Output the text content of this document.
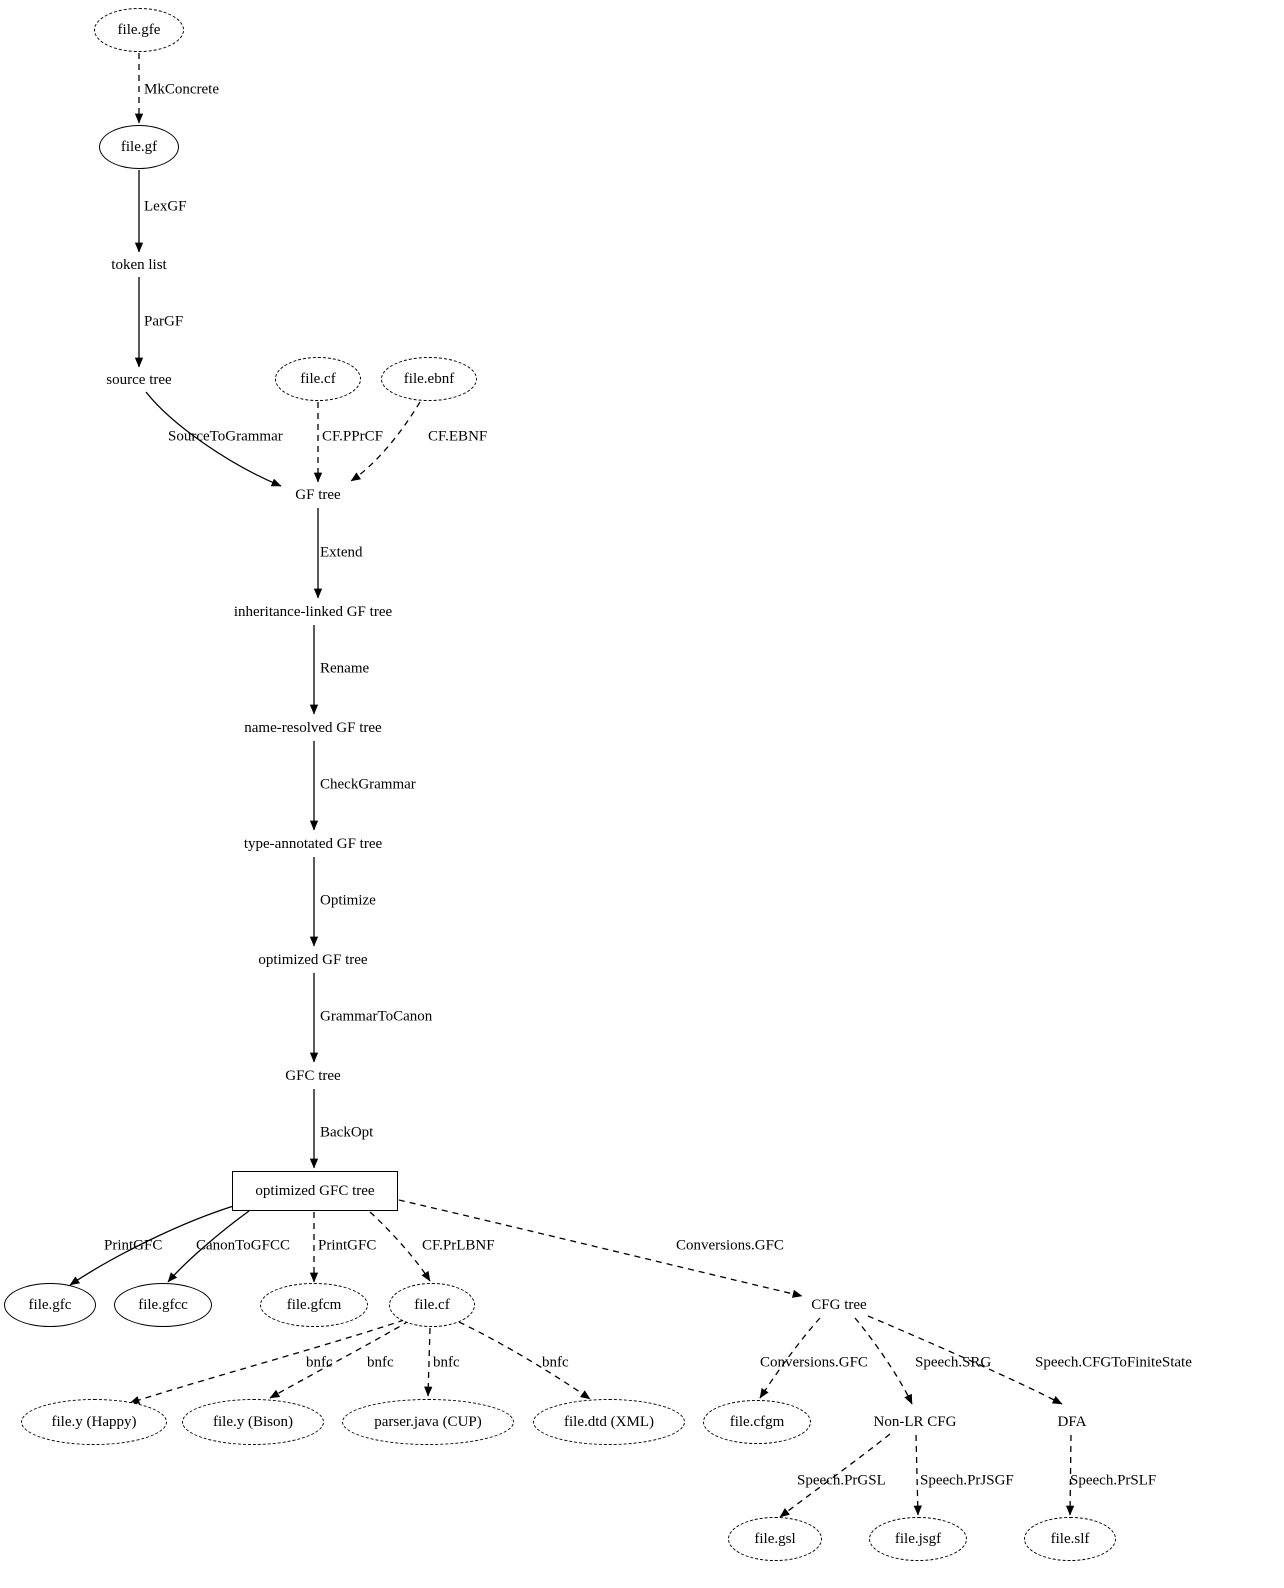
file.gfe
file.gf
token list
source tree	file.cf	file.ebnf
GF tree
inheritance-linked GF tree
name-resolved GF tree
type-annotated GF tree
optimized GF tree
GFC tree
optimized GFC tree
file.gfc	file.gfcc	file.gfcm	file.cf	CFG tree
file.y (Happy)	file.y (Bison)	parser.java (CUP)	file.dtd (XML)	file.cfgm	Non-LR CFG	DFA
file.gsl	file.jsgf	file.slf
MkConcrete
LexGF
ParGF
SourceToGrammar	CF.PPrCF	CF.EBNF
Extend
Rename
CheckGrammar
Optimize
GrammarToCanon
BackOpt
PrintGFC CanonToGFCC PrintGFC	CF.PrLBNF	Conversions.GFC
bnfc bnfc	bnfc	bnfc	Conversions.GFC	Speech.SRG	Speech.CFGToFiniteState
Speech.PrGSL Speech.PrJSGF	Speech.PrSLF
